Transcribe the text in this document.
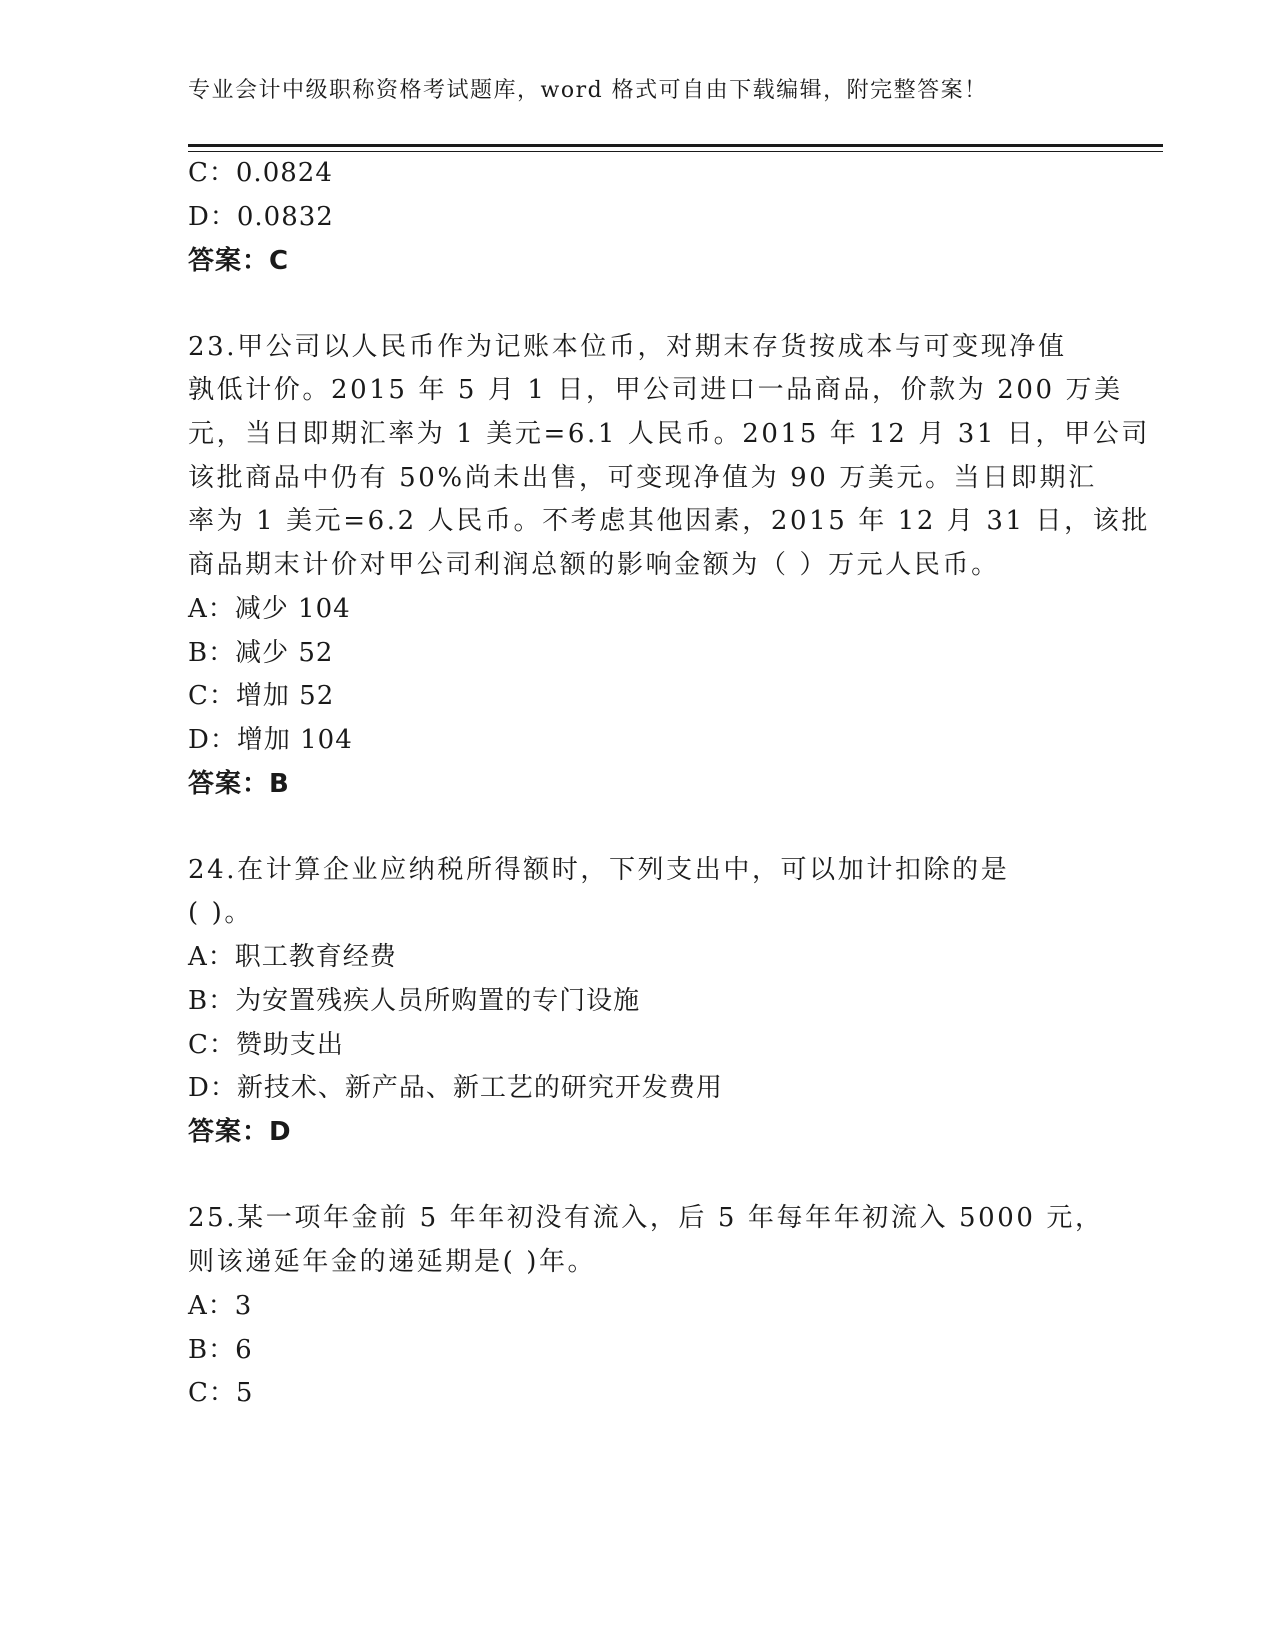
专业会计中级职称资格考试题库，word 格式可自由下载编辑，附完整答案！
C：0.0824
D：0.0832
答案：C
23.甲公司以人民币作为记账本位币，对期末存货按成本与可变现净值
孰低计价。2015 年 5 月 1 日，甲公司进口一品商品，价款为 200 万美
元，当日即期汇率为 1 美元=6.1 人民币。2015 年 12 月 31 日，甲公司
该批商品中仍有 50%尚未出售，可变现净值为 90 万美元。当日即期汇
率为 1 美元=6.2 人民币。不考虑其他因素，2015 年 12 月 31 日，该批
商品期末计价对甲公司利润总额的影响金额为（ ）万元人民币。
A：减少 104
B：减少 52
C：增加 52
D：增加 104
答案：B
24.在计算企业应纳税所得额时，下列支出中，可以加计扣除的是
( )。
A：职工教育经费
B：为安置残疾人员所购置的专门设施
C：赞助支出
D：新技术、新产品、新工艺的研究开发费用
答案：D
25.某一项年金前 5 年年初没有流入，后 5 年每年年初流入 5000 元，
则该递延年金的递延期是( )年。
A：3
B：6
C：5
